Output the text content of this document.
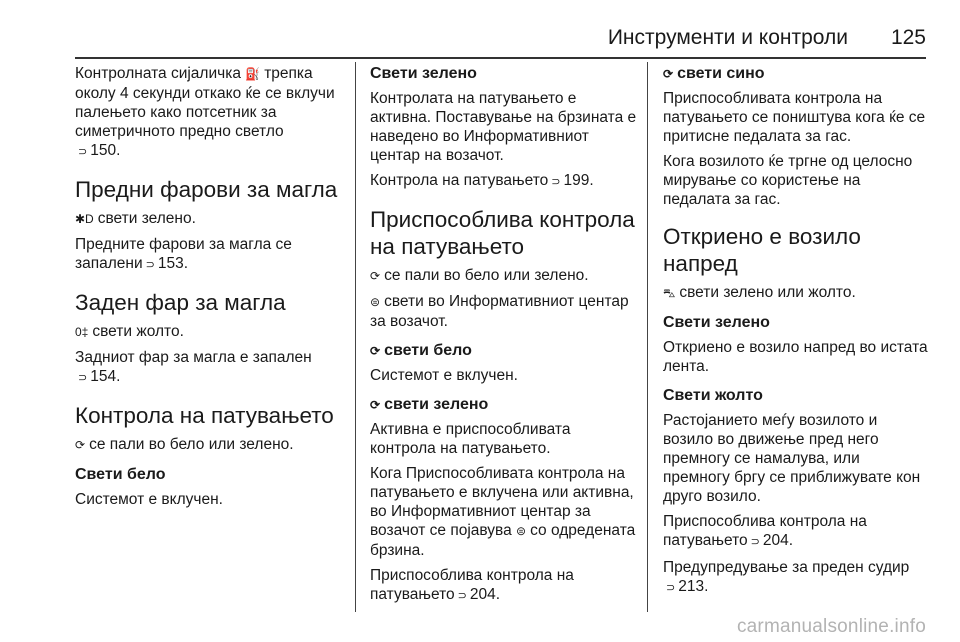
Инструменти и контроли 125

Контролната сијаличка ⛽ трепка околу 4 секунди откако ќе се вклучи палењето како потсетник за симетричното предно светло
⊃ 150.

Предни фарови за магла

✱D свети зелено.

Предните фарови за магла се запалени ⊃ 153.

Заден фар за магла

0‡ свети жолто.

Задниот фар за магла е запален
⊃ 154.

Контрола на патувањето

⟳ се пали во бело или зелено.

Свети бело

Системот е вклучен.

Свети зелено

Контролата на патувањето е активна. Поставување на брзината е наведено во Информативниот центар на возачот.

Контрола на патувањето ⊃ 199.

Приспособлива контрола на патувањето

⟳ се пали во бело или зелено.

⊜ свети во Информативниот центар за возачот.

⟳ свети бело

Системот е вклучен.

⟳ свети зелено

Активна е приспособливата контрола на патувањето.

Кога Приспособливата контрола на патувањето е вклучена или активна, во Информативниот центар за возачот се појавува ⊜ со одредената брзина.

Приспособлива контрола на патувањето ⊃ 204.

⟳ свети сино

Приспособливата контрола на патувањето се поништува кога ќе се притисне педалата за гас.

Кога возилото ќе тргне од целосно мирување со користење на педалата за гас.

Откриено е возило напред

⛍ свети зелено или жолто.

Свети зелено

Откриено е возило напред во истата лента.

Свети жолто

Растојанието меѓу возилото и возило во движење пред него премногу се намалува, или премногу бргу се приближувате кон друго возило.

Приспособлива контрола на патувањето ⊃ 204.

Предупредување за преден судир
⊃ 213.

carmanualsonline.info
